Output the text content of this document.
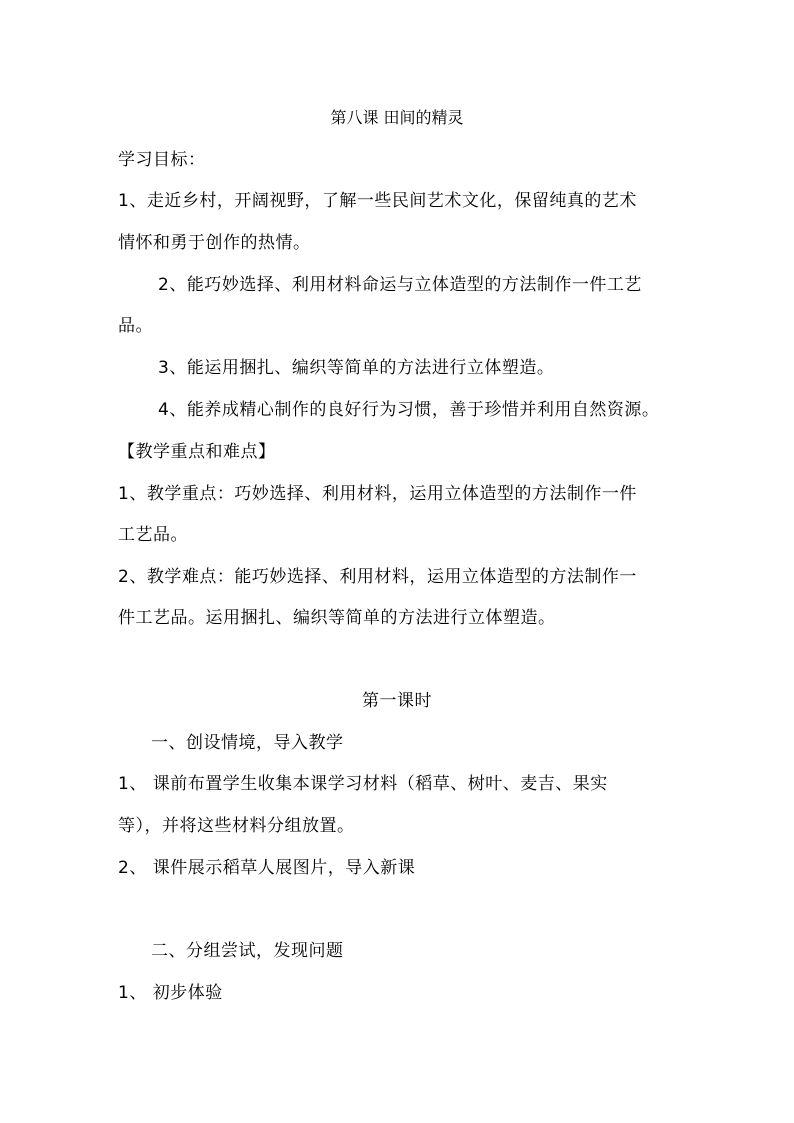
第八课 田间的精灵
学习目标：
1、走近乡村，开阔视野，了解一些民间艺术文化，保留纯真的艺术
情怀和勇于创作的热情。
2、能巧妙选择、利用材料命运与立体造型的方法制作一件工艺
品。
3、能运用捆扎、编织等简单的方法进行立体塑造。
4、能养成精心制作的良好行为习惯，善于珍惜并利用自然资源。
【教学重点和难点】
1、教学重点：巧妙选择、利用材料，运用立体造型的方法制作一件
工艺品。
2、教学难点：能巧妙选择、利用材料，运用立体造型的方法制作一
件工艺品。运用捆扎、编织等简单的方法进行立体塑造。
第一课时
一、创设情境，导入教学
1、 课前布置学生收集本课学习材料（稻草、树叶、麦吉、果实
等），并将这些材料分组放置。
2、 课件展示稻草人展图片，导入新课
二、分组尝试，发现问题
1、 初步体验
